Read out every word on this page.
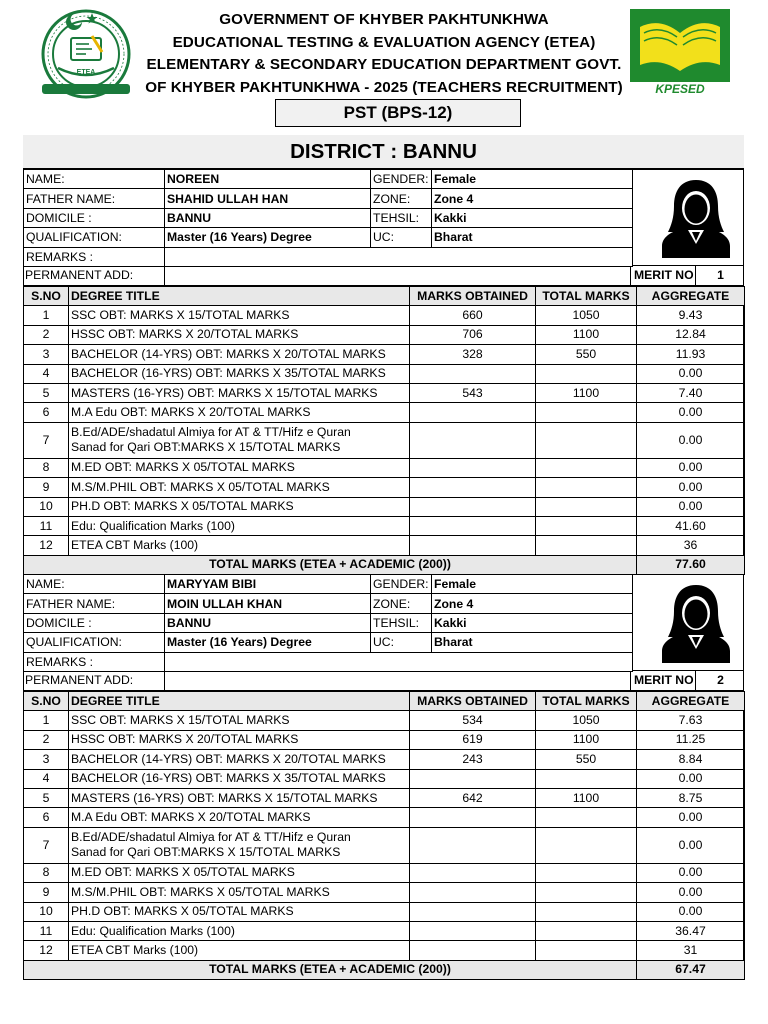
ETEA
GOVERNMENT OF KHYBER PAKHTUNKHWA
EDUCATIONAL TESTING & EVALUATION AGENCY (ETEA)
ELEMENTARY & SECONDARY EDUCATION DEPARTMENT GOVT.
OF KHYBER PAKHTUNKHWA - 2025 (TEACHERS RECRUITMENT)	KPESED
PST (BPS-12)
DISTRICT : BANNU
NAME:	NOREEN	GENDER:	Female
FATHER NAME:	SHAHID ULLAH HAN	ZONE:	Zone 4
DOMICILE :	BANNU	TEHSIL:	Kakki
QUALIFICATION:	Master (16 Years) Degree	UC:	Bharat
REMARKS :			
PERMANENT ADD:	MERIT NO	1
S.NO	DEGREE TITLE	MARKS OBTAINED	TOTAL MARKS	AGGREGATE
1	SSC OBT: MARKS X 15/TOTAL MARKS	660	1050	9.43
2	HSSC OBT: MARKS X 20/TOTAL MARKS	706	1100	12.84
3	BACHELOR (14-YRS) OBT: MARKS X 20/TOTAL MARKS	328	550	11.93
4	BACHELOR (16-YRS) OBT: MARKS X 35/TOTAL MARKS			0.00
5	MASTERS (16-YRS) OBT: MARKS X 15/TOTAL MARKS	543	1100	7.40
6	M.A Edu OBT: MARKS X 20/TOTAL MARKS			0.00
7	B.Ed/ADE/shadatul Almiya for AT & TT/Hifz e Quran
Sanad for Qari OBT:MARKS X 15/TOTAL MARKS			0.00
8	M.ED OBT: MARKS X 05/TOTAL MARKS			0.00
9	M.S/M.PHIL OBT: MARKS X 05/TOTAL MARKS			0.00
10	PH.D OBT: MARKS X 05/TOTAL MARKS			0.00
11	Edu: Qualification Marks (100)			41.60
12	ETEA CBT Marks (100)			36
TOTAL MARKS (ETEA + ACADEMIC (200))				77.60
NAME:	MARYYAM BIBI	GENDER:	Female
FATHER NAME:	MOIN ULLAH KHAN	ZONE:	Zone 4
DOMICILE :	BANNU	TEHSIL:	Kakki
QUALIFICATION:	Master (16 Years) Degree	UC:	Bharat
REMARKS :			
PERMANENT ADD:	MERIT NO	2
S.NO	DEGREE TITLE	MARKS OBTAINED	TOTAL MARKS	AGGREGATE
1	SSC OBT: MARKS X 15/TOTAL MARKS	534	1050	7.63
2	HSSC OBT: MARKS X 20/TOTAL MARKS	619	1100	11.25
3	BACHELOR (14-YRS) OBT: MARKS X 20/TOTAL MARKS	243	550	8.84
4	BACHELOR (16-YRS) OBT: MARKS X 35/TOTAL MARKS			0.00
5	MASTERS (16-YRS) OBT: MARKS X 15/TOTAL MARKS	642	1100	8.75
6	M.A Edu OBT: MARKS X 20/TOTAL MARKS			0.00
7	B.Ed/ADE/shadatul Almiya for AT & TT/Hifz e Quran
Sanad for Qari OBT:MARKS X 15/TOTAL MARKS			0.00
8	M.ED OBT: MARKS X 05/TOTAL MARKS			0.00
9	M.S/M.PHIL OBT: MARKS X 05/TOTAL MARKS			0.00
10	PH.D OBT: MARKS X 05/TOTAL MARKS			0.00
11	Edu: Qualification Marks (100)			36.47
12	ETEA CBT Marks (100)			31
TOTAL MARKS (ETEA + ACADEMIC (200))				67.47
